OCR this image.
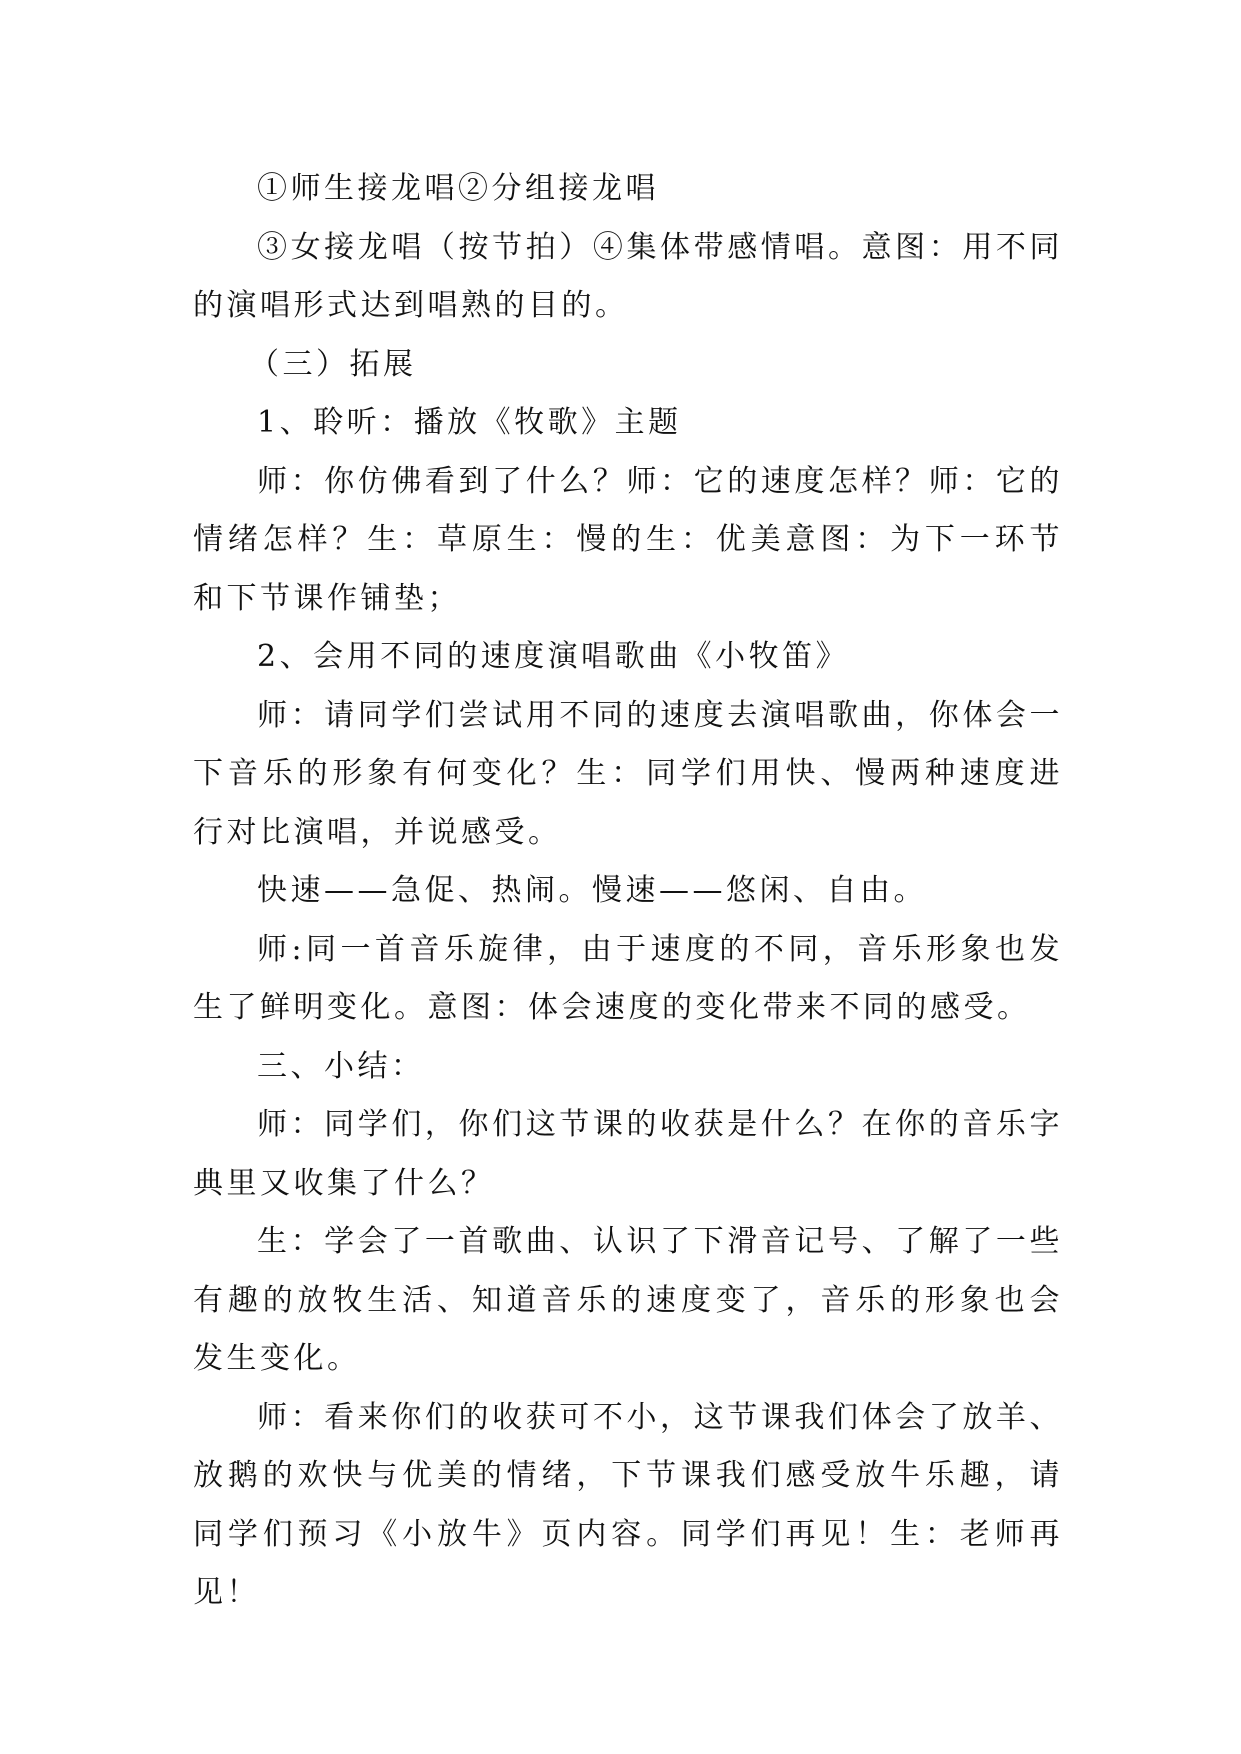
①师生接龙唱②分组接龙唱

③女接龙唱（按节拍）④集体带感情唱。意图：用不同的演唱形式达到唱熟的目的。

（三）拓展

1、聆听：播放《牧歌》主题

师：你仿佛看到了什么？师：它的速度怎样？师：它的情绪怎样？生：草原生：慢的生：优美意图：为下一环节和下节课作铺垫；

2、会用不同的速度演唱歌曲《小牧笛》

师：请同学们尝试用不同的速度去演唱歌曲，你体会一下音乐的形象有何变化？生：同学们用快、慢两种速度进行对比演唱，并说感受。

快速——急促、热闹。慢速——悠闲、自由。

师:同一首音乐旋律，由于速度的不同，音乐形象也发生了鲜明变化。意图：体会速度的变化带来不同的感受。

三、小结：

师：同学们，你们这节课的收获是什么？在你的音乐字典里又收集了什么？

生：学会了一首歌曲、认识了下滑音记号、了解了一些有趣的放牧生活、知道音乐的速度变了，音乐的形象也会发生变化。

师：看来你们的收获可不小，这节课我们体会了放羊、放鹅的欢快与优美的情绪，下节课我们感受放牛乐趣，请同学们预习《小放牛》页内容。同学们再见！生：老师再见！
